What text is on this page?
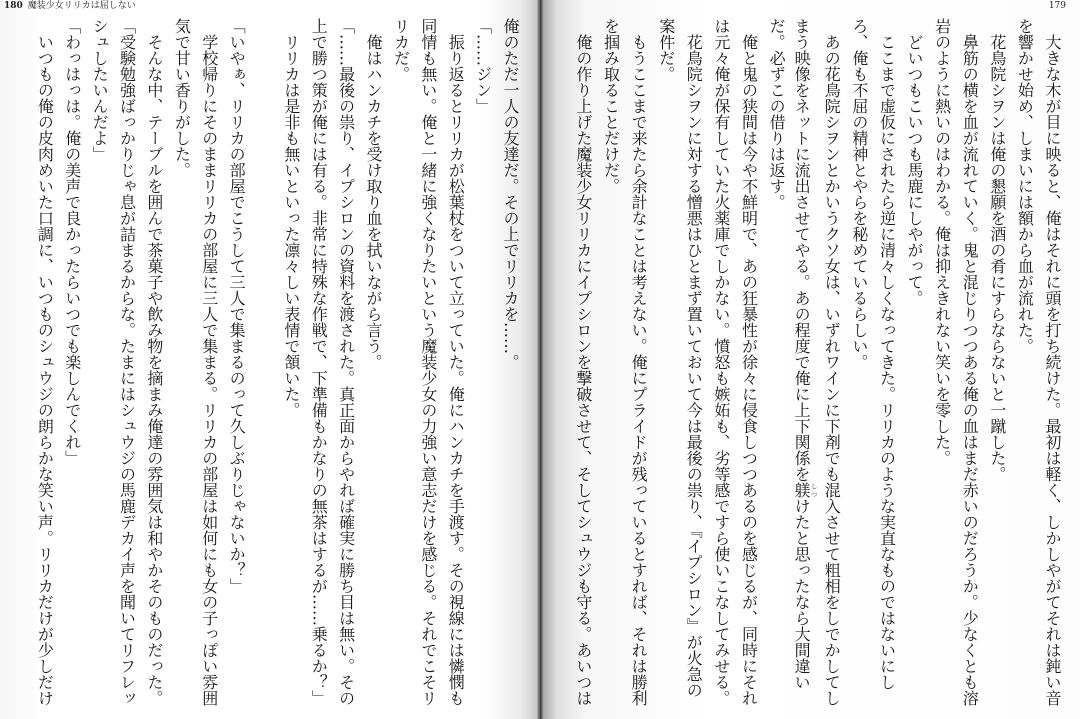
180 魔装少女リリカは屈しない
俺のただ一人の友達だ。その上でリリカを……。
「……ジン」
振り返るとリリカが松葉杖をついて立っていた。俺にハンカチを手渡す。その視線には憐憫も
同情も無い。俺と一緒に強くなりたいという魔装少女の力強い意志だけを感じる。それでこそリ
リカだ。
俺はハンカチを受け取り血を拭いながら言う。
「……最後の祟り、イプシロンの資料を渡された。真正面からやれば確実に勝ち目は無い。その
上で勝つ策が俺には有る。非常に特殊な作戦で、下準備もかなりの無茶はするが……乗るか？」
リリカは是非も無いといった凛々しい表情で頷いた。
「いやぁ、リリカの部屋でこうして三人で集まるのって久しぶりじゃないか？」
学校帰りにそのままリリカの部屋に三人で集まる。リリカの部屋は如何にも女の子っぽい雰囲
気で甘い香りがした。
そんな中、テーブルを囲んで茶菓子や飲み物を摘まみ俺達の雰囲気は和やかそのものだった。
「受験勉強ばっかりじゃ息が詰まるからな。たまにはシュウジの馬鹿デカイ声を聞いてリフレッ
シュしたいんだよ」
「わっはっは。俺の美声で良かったらいつでも楽しんでくれ」
いつもの俺の皮肉めいた口調に、いつものシュウジの朗らかな笑い声。リリカだけが少しだけ
179
大きな木が目に映ると、俺はそれに頭を打ち続けた。最初は軽く、しかしやがてそれは鈍い音
を響かせ始め、しまいには額から血が流れた。
花鳥院シヲンは俺の懇願を酒の肴にすらならないと一蹴した。
鼻筋の横を血が流れていく。鬼と混じりつつある俺の血はまだ赤いのだろうか。少なくとも溶
岩のように熱いのはわかる。俺は抑えきれない笑いを零した。
どいつもこいつも馬鹿にしやがって。
ここまで虚仮にされたら逆に清々しくなってきた。リリカのような実直なものではないにし
ろ、俺も不屈の精神とやらを秘めているらしい。
あの花鳥院シヲンとかいうクソ女は、いずれワインに下剤でも混入させて粗相をしでかしてし
まう映像をネットに流出させてやる。あの程度で俺に上下関係を躾しつけたと思ったなら大間違い
だ。必ずこの借りは返す。
俺と鬼の狭間は今や不鮮明で、あの狂暴性が徐々に侵食しつつあるのを感じるが、同時にそれ
は元々俺が保有していた火薬庫でしかない。憤怒も嫉妬も、劣等感ですら使いこなしてみせる。
花鳥院シヲンに対する憎悪はひとまず置いておいて今は最後の祟り、『イプシロン』が火急の
案件だ。
もうここまで来たら余計なことは考えない。俺にプライドが残っているとすれば、それは勝利
を掴み取ることだけだ。
俺の作り上げた魔装少女リリカにイプシロンを撃破させて、そしてシュウジも守る。あいつは
